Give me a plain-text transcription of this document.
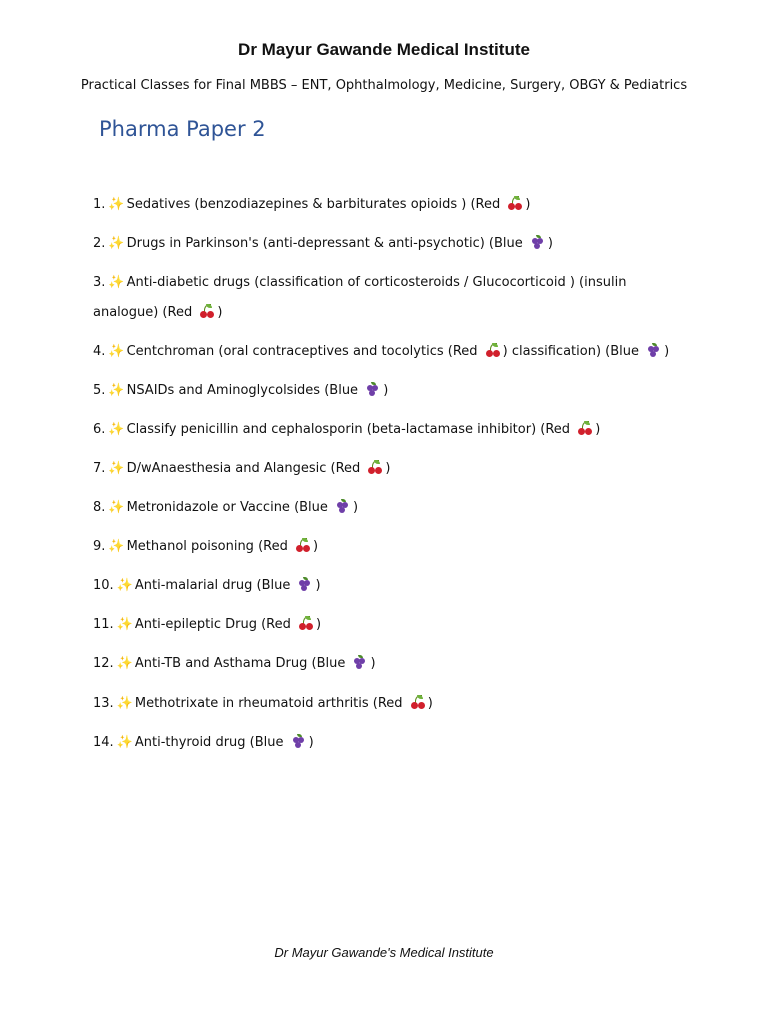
Dr Mayur Gawande Medical Institute
Practical Classes for Final MBBS – ENT, Ophthalmology, Medicine, Surgery, OBGY & Pediatrics
Pharma Paper 2
1. ✨ Sedatives (benzodiazepines & barbiturates opioids ) (Red
)
2. ✨ Drugs in Parkinson's (anti-depressant & anti-psychotic) (Blue
)
3. ✨ Anti-diabetic drugs (classification of corticosteroids / Glucocorticoid ) (insulin analogue) (Red
)
4. ✨ Centchroman (oral contraceptives and tocolytics (Red
) classification) (Blue
)
5. ✨ NSAIDs and Aminoglycolsides (Blue
)
6. ✨ Classify penicillin and cephalosporin (beta-lactamase inhibitor) (Red
)
7. ✨ D/wAnaesthesia and Alangesic (Red
)
8. ✨ Metronidazole or Vaccine (Blue
)
9. ✨ Methanol poisoning (Red
)
10. ✨ Anti-malarial drug (Blue
)
11. ✨ Anti-epileptic Drug (Red
)
12. ✨ Anti-TB and Asthama Drug (Blue
)
13. ✨ Methotrixate in rheumatoid arthritis (Red
)
14. ✨ Anti-thyroid drug (Blue
)
Dr Mayur Gawande's Medical Institute
